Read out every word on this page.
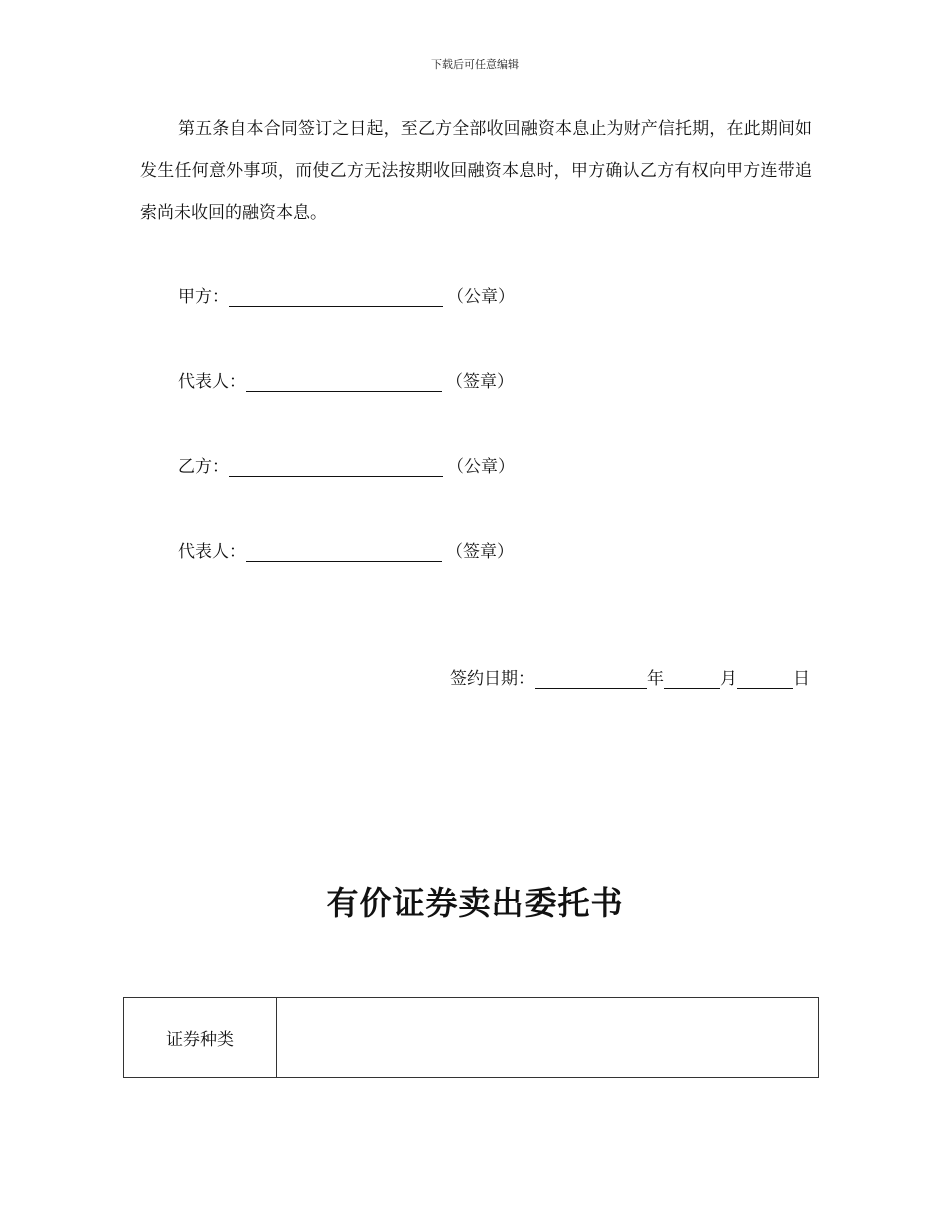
下载后可任意编辑

第五条自本合同签订之日起，至乙方全部收回融资本息止为财产信托期，在此期间如发生任何意外事项，而使乙方无法按期收回融资本息时，甲方确认乙方有权向甲方连带追索尚未收回的融资本息。

甲方：	（公章）
代表人：	（签章）
乙方：	（公章）
代表人：	（签章）
签约日期：	年	月	日
有价证券卖出委托书
证券种类	
